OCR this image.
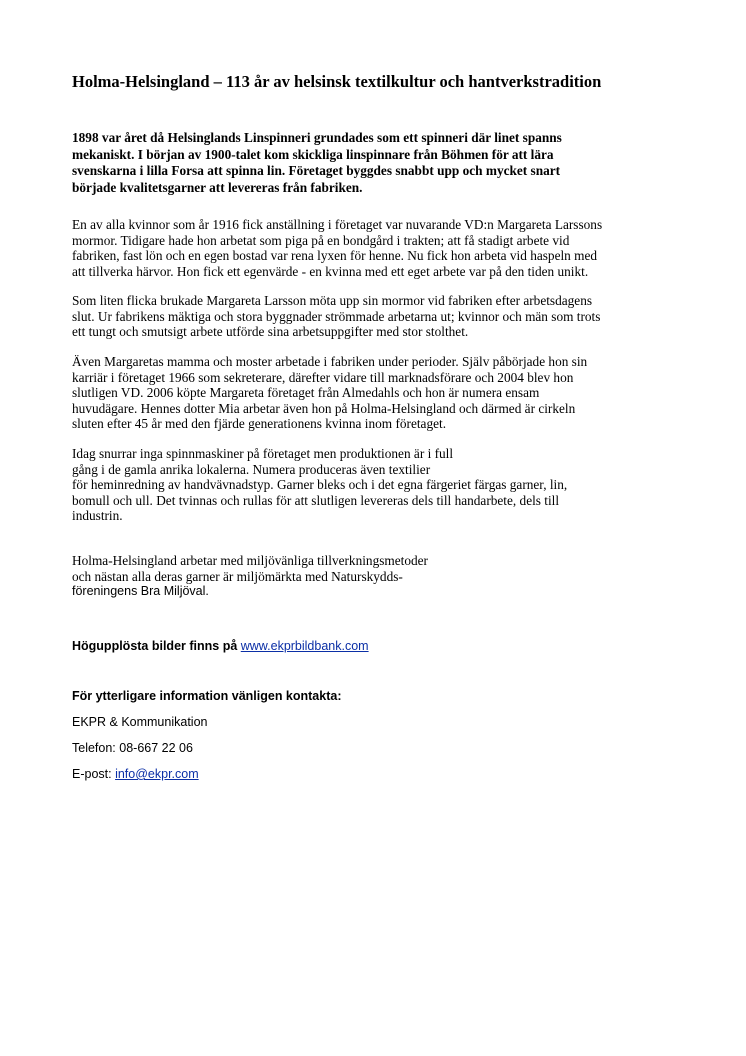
Holma-Helsingland – 113 år av helsinsk textilkultur och hantverkstradition
1898 var året då Helsinglands Linspinneri grundades som ett spinneri där linet spanns
mekaniskt. I början av 1900-talet kom skickliga linspinnare från Böhmen för att lära
svenskarna i lilla Forsa att spinna lin. Företaget byggdes snabbt upp och mycket snart
började kvalitetsgarner att levereras från fabriken.
En av alla kvinnor som år 1916 fick anställning i företaget var nuvarande VD:n Margareta Larssons
mormor. Tidigare hade hon arbetat som piga på en bondgård i trakten; att få stadigt arbete vid
fabriken, fast lön och en egen bostad var rena lyxen för henne. Nu fick hon arbeta vid haspeln med
att tillverka härvor. Hon fick ett egenvärde - en kvinna med ett eget arbete var på den tiden unikt.
Som liten flicka brukade Margareta Larsson möta upp sin mormor vid fabriken efter arbetsdagens
slut. Ur fabrikens mäktiga och stora byggnader strömmade arbetarna ut; kvinnor och män som trots
ett tungt och smutsigt arbete utförde sina arbetsuppgifter med stor stolthet.
Även Margaretas mamma och moster arbetade i fabriken under perioder. Själv påbörjade hon sin
karriär i företaget 1966 som sekreterare, därefter vidare till marknadsförare och 2004 blev hon
slutligen VD. 2006 köpte Margareta företaget från Almedahls och hon är numera ensam
huvudägare. Hennes dotter Mia arbetar även hon på Holma-Helsingland och därmed är cirkeln
sluten efter 45 år med den fjärde generationens kvinna inom företaget.
Idag snurrar inga spinnmaskiner på företaget men produktionen är i full
gång i de gamla anrika lokalerna. Numera produceras även textilier
för heminredning av handvävnadstyp. Garner bleks och i det egna färgeriet färgas garner, lin,
bomull och ull. Det tvinnas och rullas för att slutligen levereras dels till handarbete, dels till
industrin.
Holma-Helsingland arbetar med miljövänliga tillverkningsmetoder
och nästan alla deras garner är miljömärkta med Naturskydds-
föreningens Bra Miljöval.
Högupplösta bilder finns på www.ekprbildbank.com
För ytterligare information vänligen kontakta:
EKPR & Kommunikation
Telefon: 08-667 22 06
E-post: info@ekpr.com
